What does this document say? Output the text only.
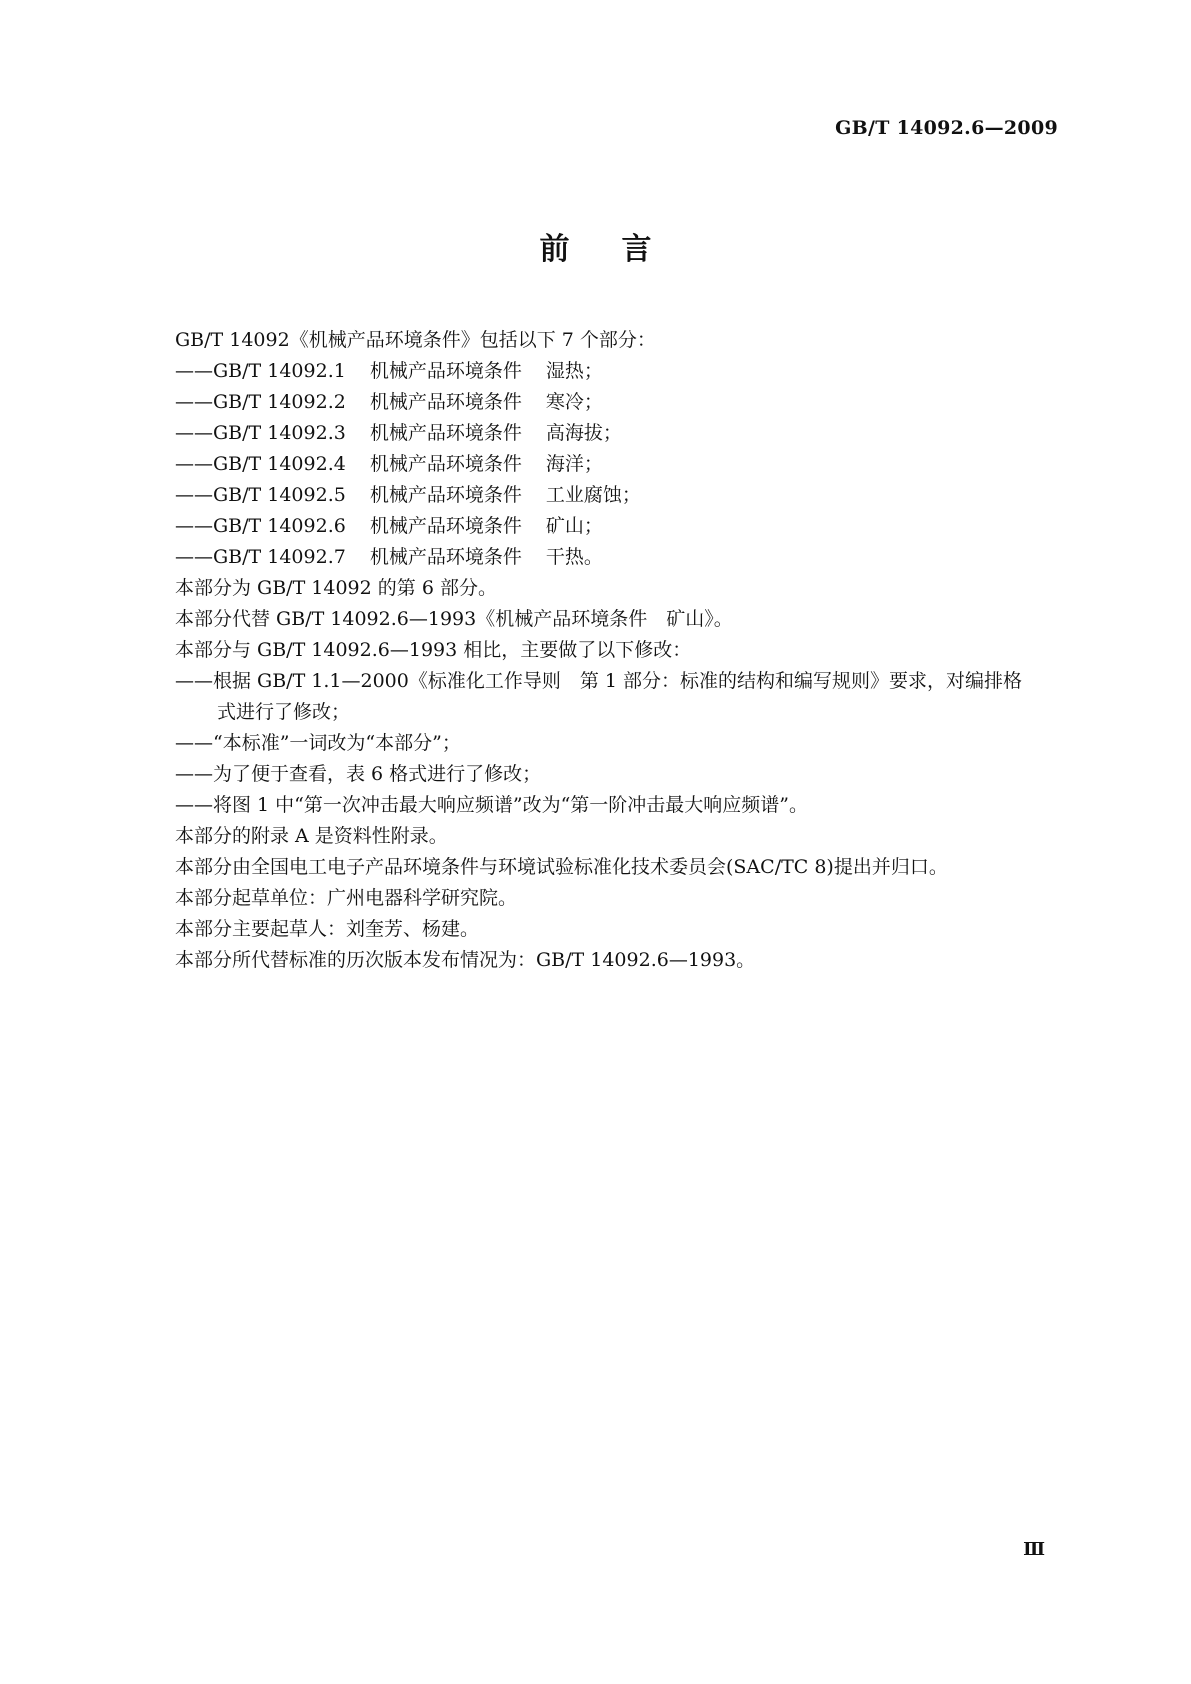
GB/T 14092.6—2009
前言
GB/T 14092《机械产品环境条件》包括以下 7 个部分：
——GB/T 14092.1 机械产品环境条件 湿热；
——GB/T 14092.2 机械产品环境条件 寒冷；
——GB/T 14092.3 机械产品环境条件 高海拔；
——GB/T 14092.4 机械产品环境条件 海洋；
——GB/T 14092.5 机械产品环境条件 工业腐蚀；
——GB/T 14092.6 机械产品环境条件 矿山；
——GB/T 14092.7 机械产品环境条件 干热。
本部分为 GB/T 14092 的第 6 部分。
本部分代替 GB/T 14092.6—1993《机械产品环境条件　矿山》。
本部分与 GB/T 14092.6—1993 相比，主要做了以下修改：
——根据 GB/T 1.1—2000《标准化工作导则　第 1 部分：标准的结构和编写规则》要求，对编排格
式进行了修改；
——“本标准”一词改为“本部分”；
——为了便于查看，表 6 格式进行了修改；
——将图 1 中“第一次冲击最大响应频谱”改为“第一阶冲击最大响应频谱”。
本部分的附录 A 是资料性附录。
本部分由全国电工电子产品环境条件与环境试验标准化技术委员会(SAC/TC 8)提出并归口。
本部分起草单位：广州电器科学研究院。
本部分主要起草人：刘奎芳、杨建。
本部分所代替标准的历次版本发布情况为：GB/T 14092.6—1993。
Ⅲ
